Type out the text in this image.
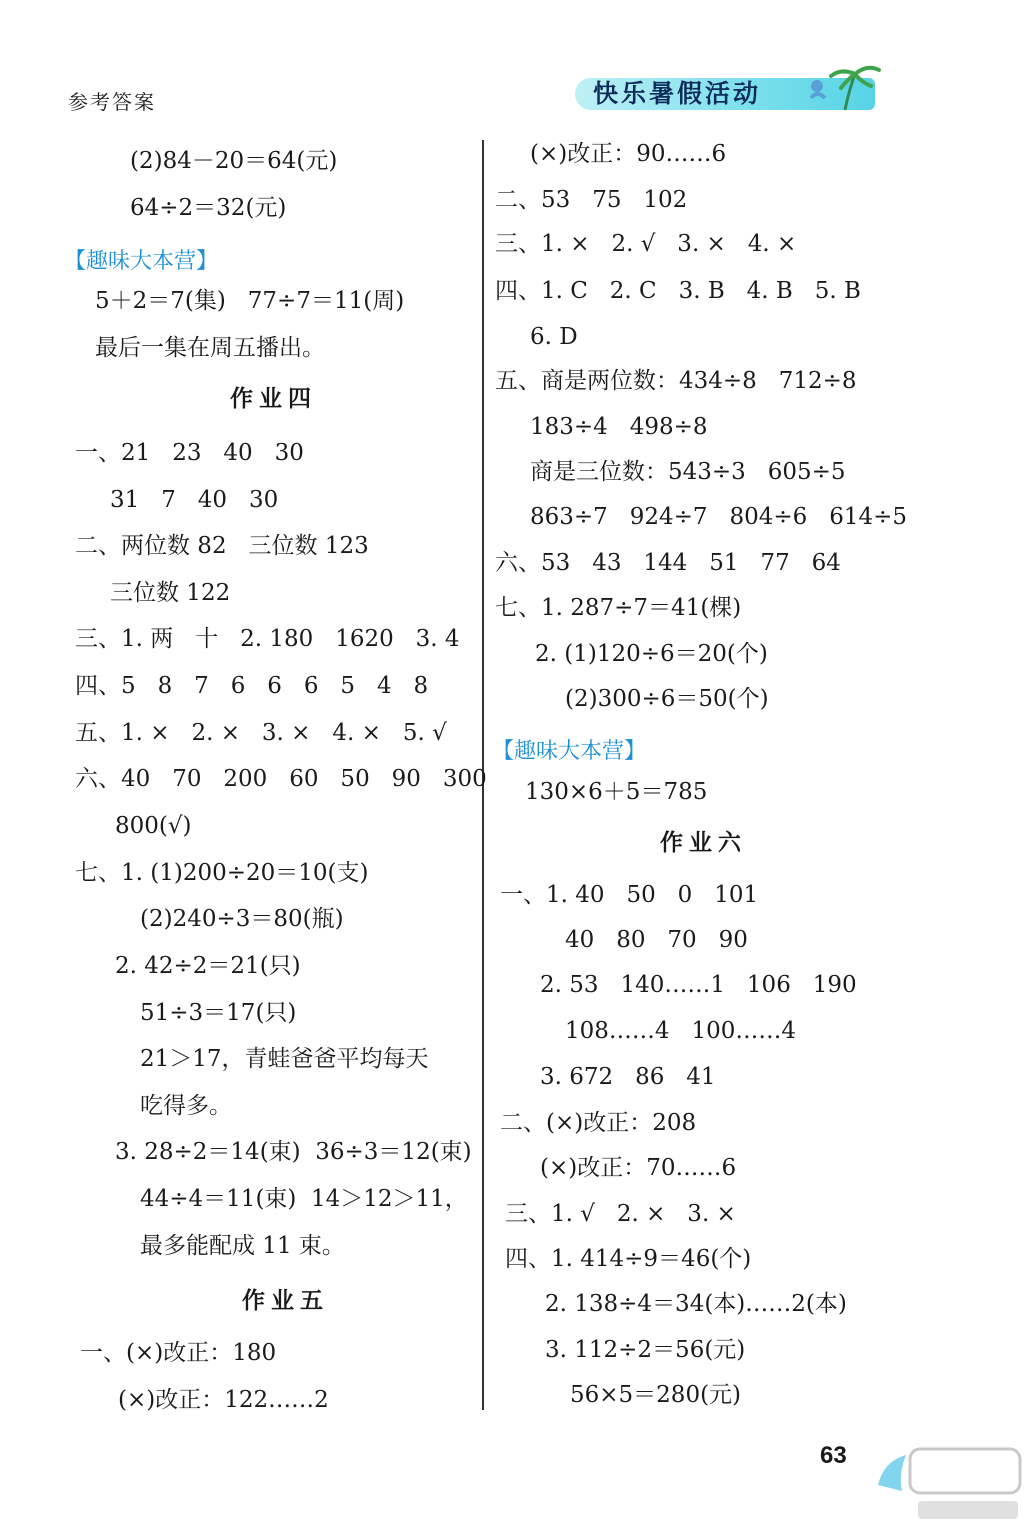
参考答案	快乐暑假活动
(2)84－20＝64(元)
64÷2＝32(元)
【趣味大本营】
5＋2＝7(集)   77÷7＝11(周)
最后一集在周五播出。
作业四
一、21   23   40   30
31   7   40   30
二、两位数 82   三位数 123
三位数 122
三、1. 两   十   2. 180   1620   3. 4
四、5   8   7   6   6   6   5   4   8
五、1. ×   2. ×   3. ×   4. ×   5. √
六、40   70   200   60   50   90   300
800(√)
七、1. (1)200÷20＝10(支)
(2)240÷3＝80(瓶)
2. 42÷2＝21(只)
51÷3＝17(只)
21＞17，青蛙爸爸平均每天
吃得多。
3. 28÷2＝14(束)  36÷3＝12(束)
44÷4＝11(束)  14＞12＞11，
最多能配成 11 束。
作业五
一、(×)改正：180
(×)改正：122……2
(×)改正：90……6
二、53   75   102
三、1. ×   2. √   3. ×   4. ×
四、1. C   2. C   3. B   4. B   5. B
6. D
五、商是两位数：434÷8   712÷8
183÷4   498÷8
商是三位数：543÷3   605÷5
863÷7   924÷7   804÷6   614÷5
六、53   43   144   51   77   64
七、1. 287÷7＝41(棵)
2. (1)120÷6＝20(个)
(2)300÷6＝50(个)
【趣味大本营】
130×6＋5＝785
作业六
一、1. 40   50   0   101
40   80   70   90
2. 53   140……1   106   190
108……4   100……4
3. 672   86   41
二、(×)改正：208
(×)改正：70……6
三、1. √   2. ×   3. ×
四、1. 414÷9＝46(个)
2. 138÷4＝34(本)……2(本)
3. 112÷2＝56(元)
56×5＝280(元)
63
